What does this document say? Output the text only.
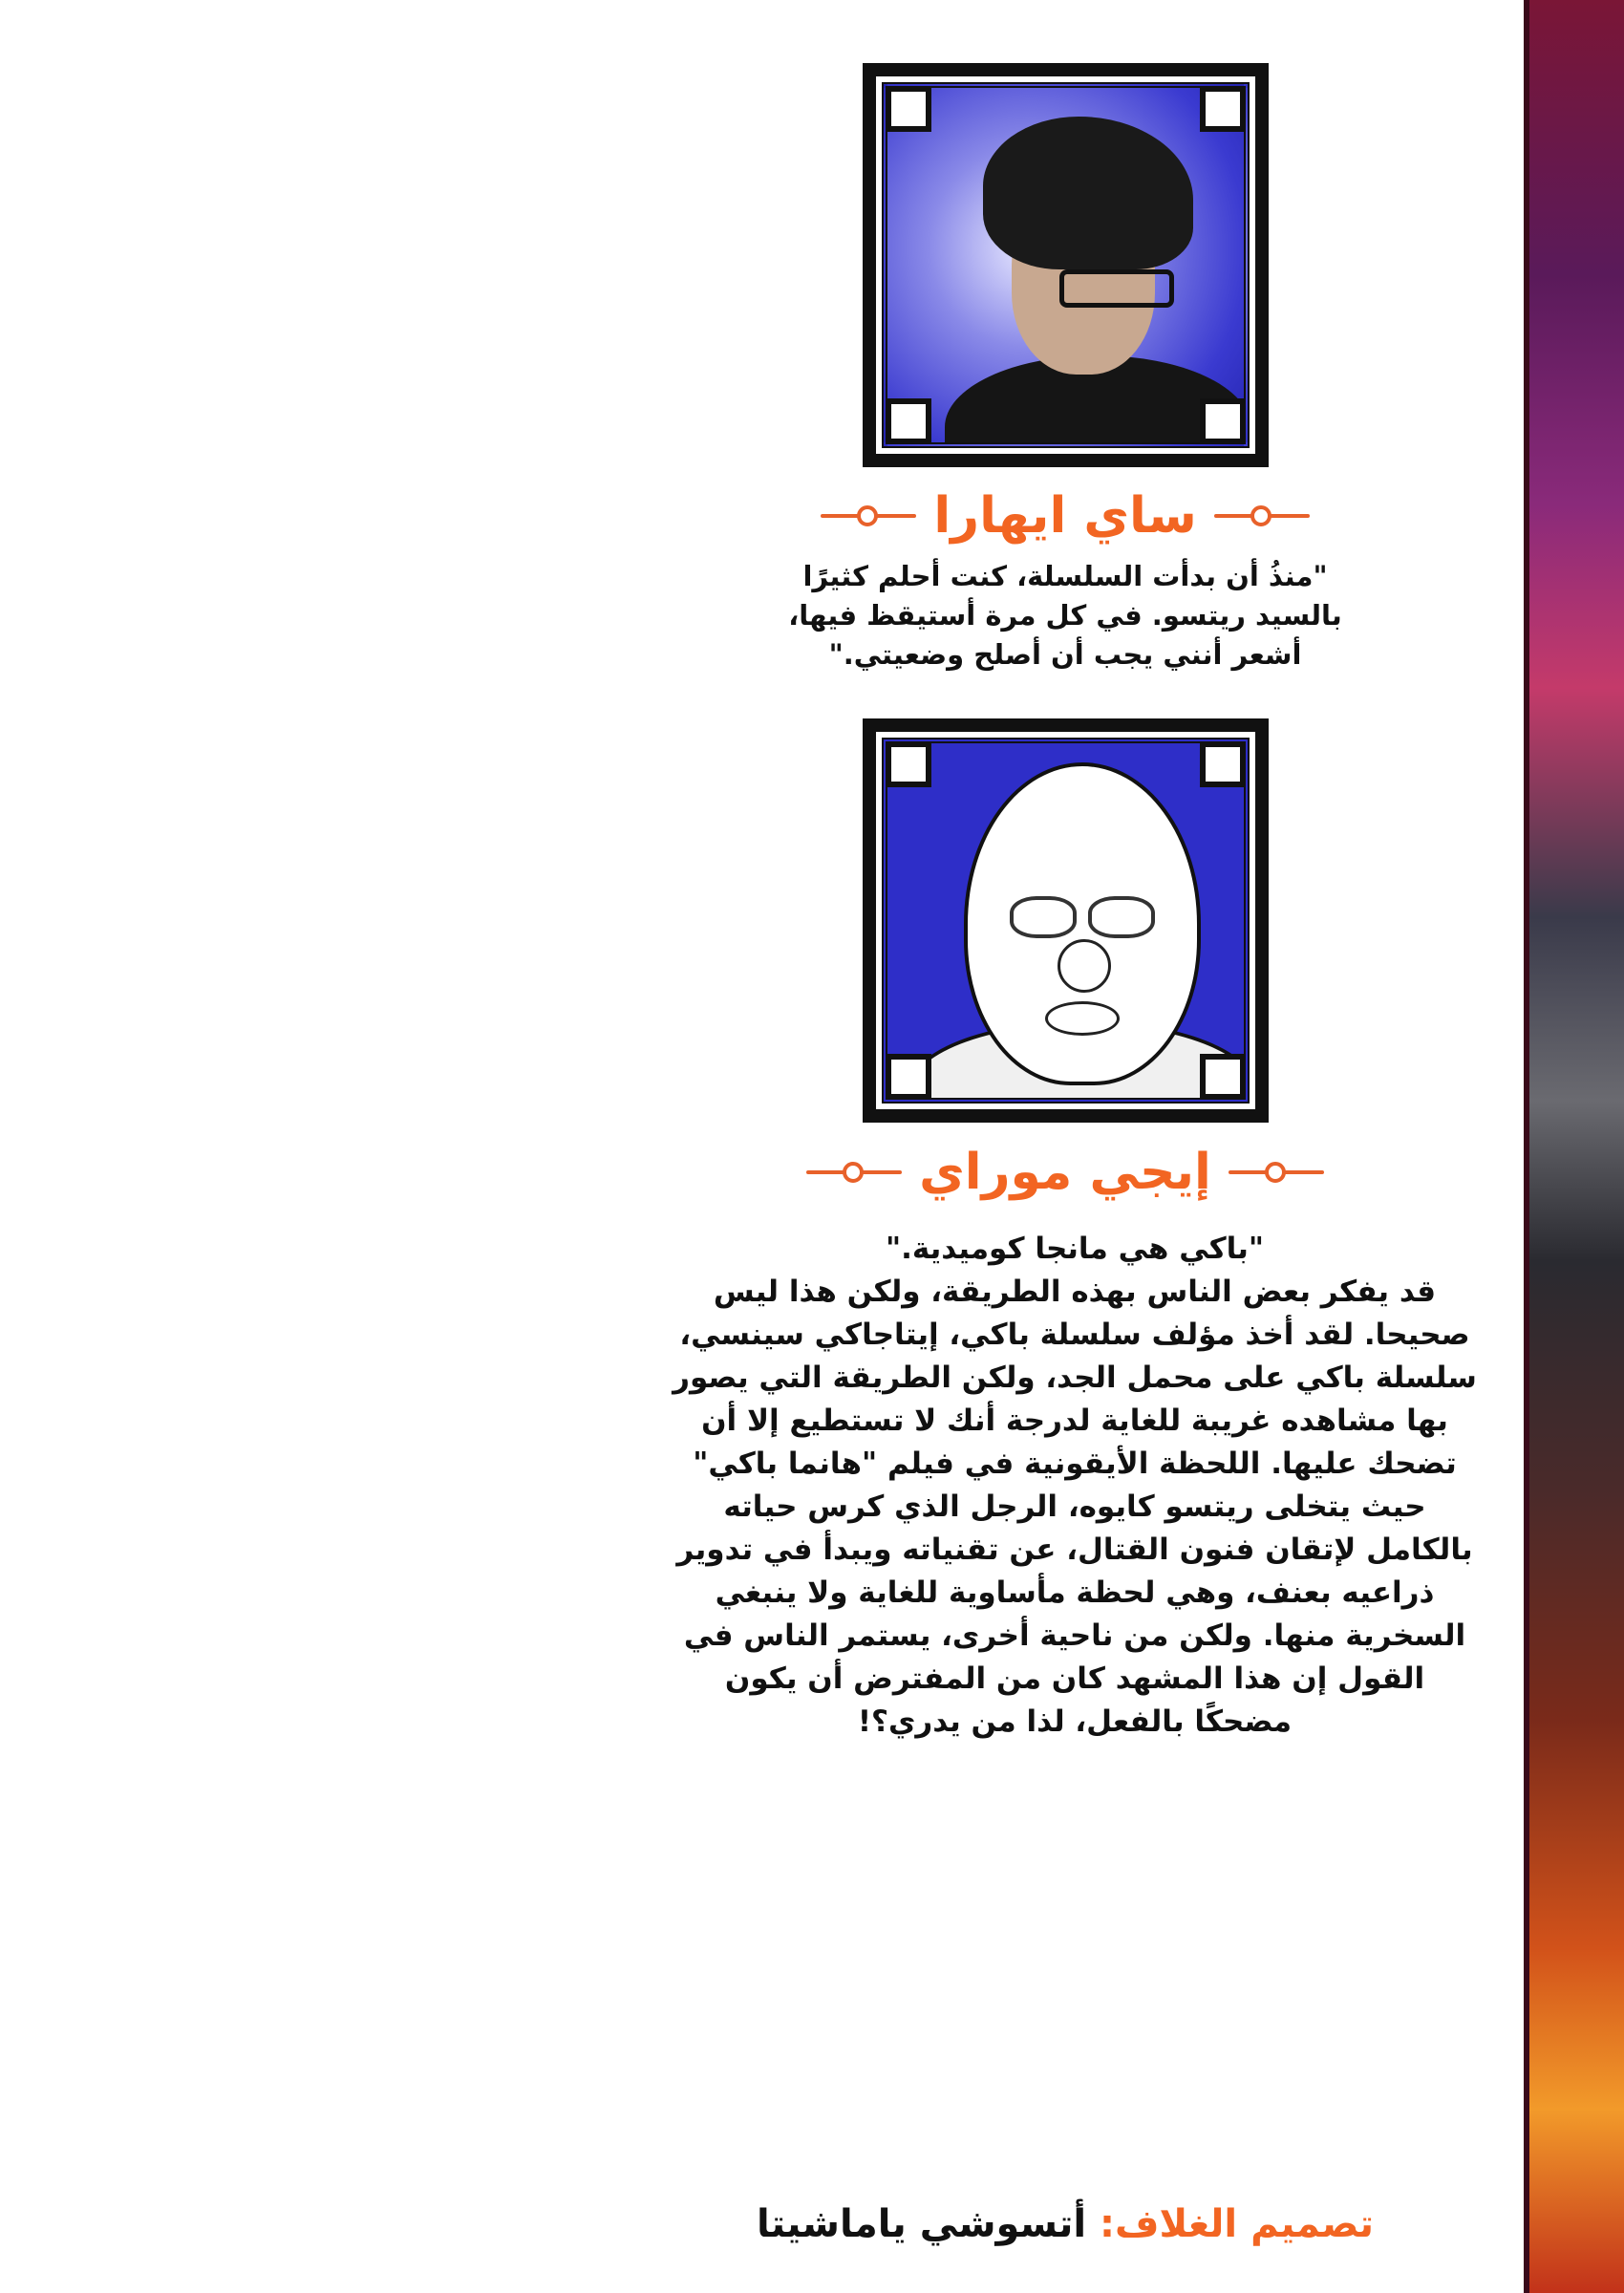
ساي ايهارا
"منذُ أن بدأت السلسلة، كنت أحلم كثيرًا
بالسيد ريتسو. في كل مرة أستيقظ فيها،
أشعر أنني يجب أن أصلح وضعيتي."
إيجي موراي
"باكي هي مانجا كوميدية."
قد يفكر بعض الناس بهذه الطريقة، ولكن هذا ليس
صحيحا. لقد أخذ مؤلف سلسلة باكي، إيتاجاكي سينسي،
سلسلة باكي على محمل الجد، ولكن الطريقة التي يصور
بها مشاهده غريبة للغاية لدرجة أنك لا تستطيع إلا أن
تضحك عليها. اللحظة الأيقونية في فيلم "هانما باكي"
حيث يتخلى ريتسو كايوه، الرجل الذي كرس حياته
بالكامل لإتقان فنون القتال، عن تقنياته ويبدأ في تدوير
ذراعيه بعنف، وهي لحظة مأساوية للغاية ولا ينبغي
السخرية منها. ولكن من ناحية أخرى، يستمر الناس في
القول إن هذا المشهد كان من المفترض أن يكون
مضحكًا بالفعل، لذا من يدري؟!
تصميم الغلاف: أتسوشي ياماشيتا
